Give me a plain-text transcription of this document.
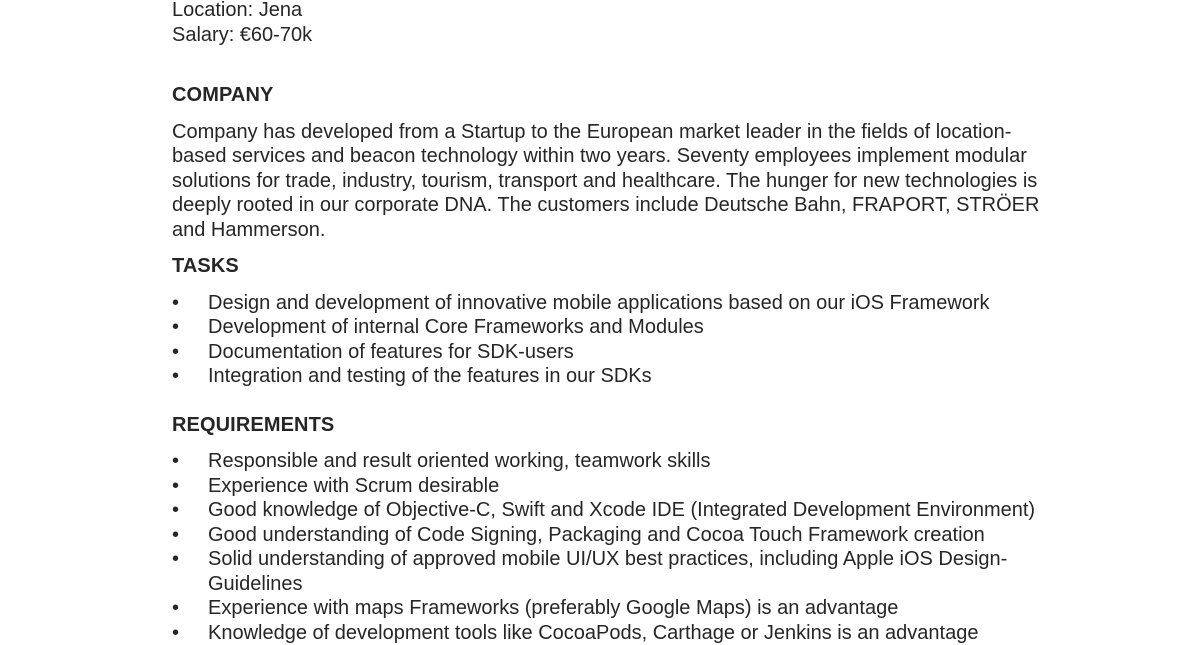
Location: Jena
Salary: €60-70k
COMPANY
Company has developed from a Startup to the European market leader in the fields of location-
based services and beacon technology within two years. Seventy employees implement modular
solutions for trade, industry, tourism, transport and healthcare. The hunger for new technologies is
deeply rooted in our corporate DNA. The customers include Deutsche Bahn, FRAPORT, STRÖER
and Hammerson.
TASKS
• Design and development of innovative mobile applications based on our iOS Framework
• Development of internal Core Frameworks and Modules
• Documentation of features for SDK-users
• Integration and testing of the features in our SDKs
REQUIREMENTS
• Responsible and result oriented working, teamwork skills
• Experience with Scrum desirable
• Good knowledge of Objective-C, Swift and Xcode IDE (Integrated Development Environment)
• Good understanding of Code Signing, Packaging and Cocoa Touch Framework creation
• Solid understanding of approved mobile UI/UX best practices, including Apple iOS Design-
Guidelines
• Experience with maps Frameworks (preferably Google Maps) is an advantage
• Knowledge of development tools like CocoaPods, Carthage or Jenkins is an advantage
